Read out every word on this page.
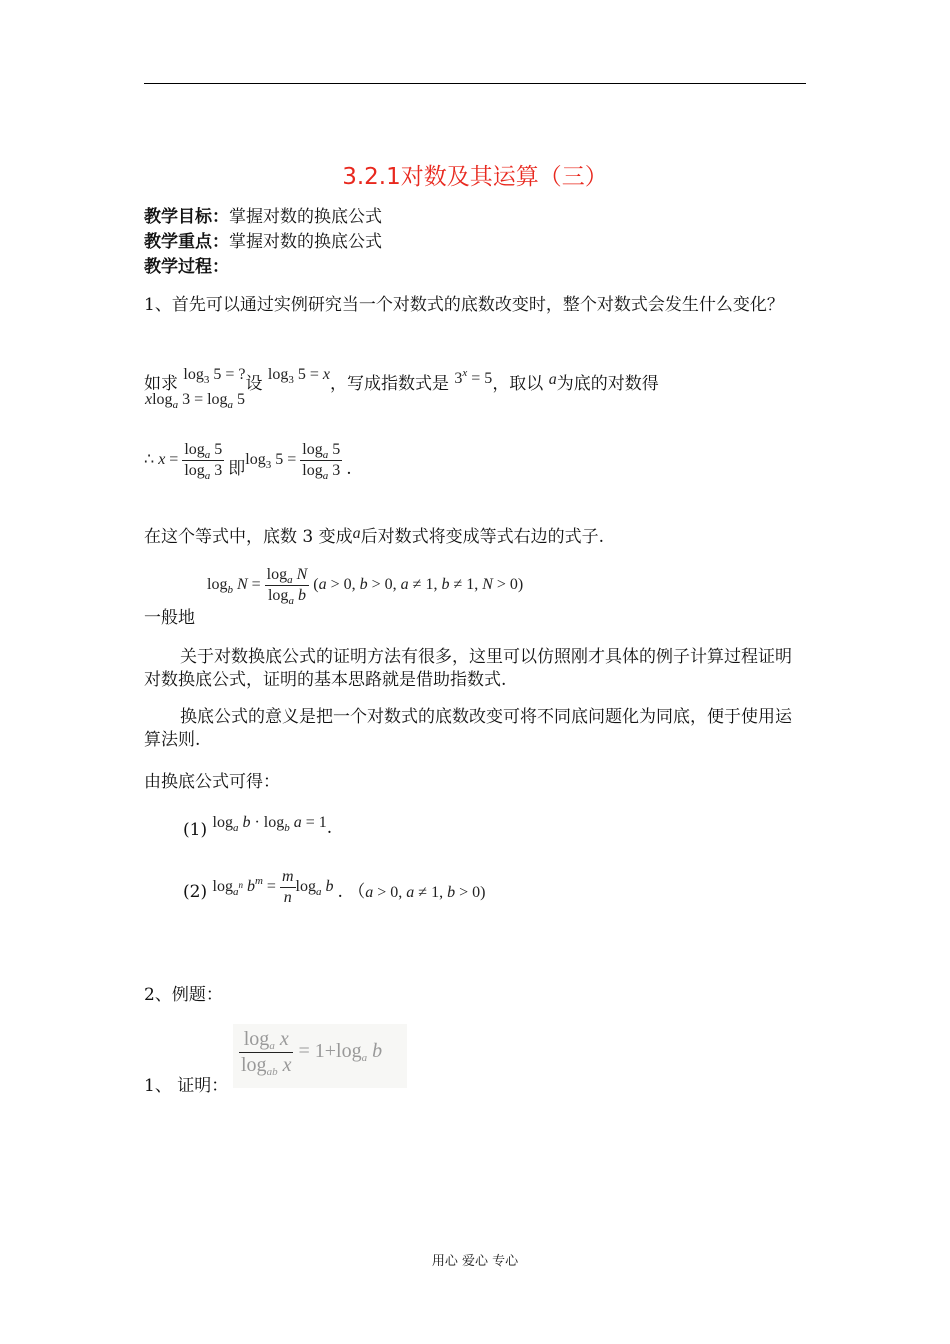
3.2.1对数及其运算（三）
教学目标：掌握对数的换底公式
教学重点：掌握对数的换底公式
教学过程：
1、首先可以通过实例研究当一个对数式的底数改变时，整个对数式会发生什么变化？
如求 $\log_3 5$ = ?设 $\log_3 5 = x$，写成指数式是 $3^x = 5$，取以 a为底的对数得
xlog$_a$ $3 = \log_a 5$
∴ $x = \frac{\log_a 5}{\log_a 3}$ 即$\log_3 5 = \frac{\log_a 5}{\log_a 3}$ .
在这个等式中，底数 3 变成a后对数式将变成等式右边的式子.
$\log_b N = \frac{\log_a N}{\log_a b} (a > 0$, b > 0, a ≠ 1, b ≠ 1, N > 0)
一般地
关于对数换底公式的证明方法有很多，这里可以仿照刚才具体的例子计算过程证明对数换底公式，证明的基本思路就是借助指数式.
换底公式的意义是把一个对数式的底数改变可将不同底问题化为同底，便于使用运算法则.
由换底公式可得：
(1) $\log_a b \cdot \log_b a = 1$.
(2) $\log_{a^n} b^m = \frac{m}{n} \log_a b$ . （a > 0, a ≠ 1, b > 0)
2、例题：
$\frac{\log_a x}{\log_{ab} x} = 1+\log_a$ b
1、 证明：
用心 爱心 专心
